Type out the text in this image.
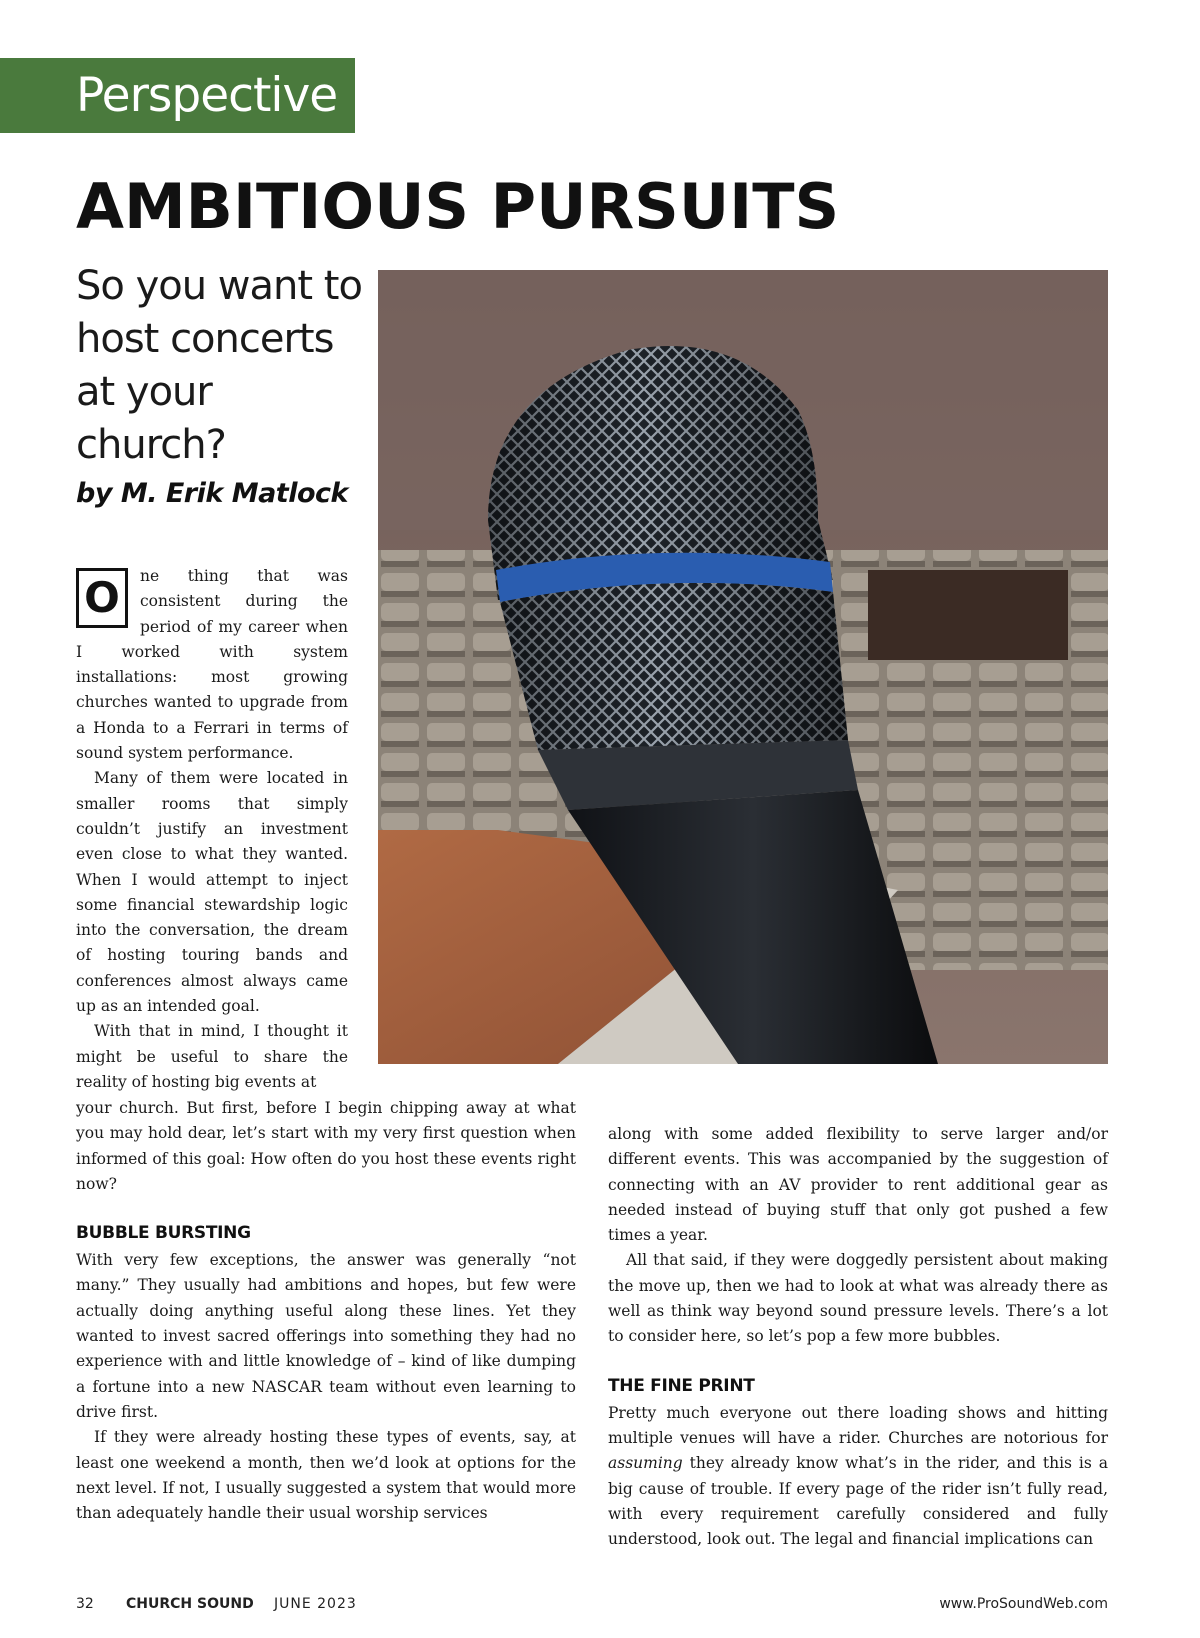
Perspective
AMBITIOUS PURSUITS
So you want to host concerts at your church?
by M. Erik Matlock

O	ne thing that was consistent during the period of my career when I worked with system installations: most growing churches wanted to upgrade from a Honda to a Ferrari in terms of sound system performance.

Many of them were located in smaller rooms that simply couldn’t justify an investment even close to what they wanted. When I would attempt to inject some financial stewardship logic into the conversation, the dream of hosting touring bands and conferences almost always came up as an intended goal.

With that in mind, I thought it might be useful to share the reality of hosting big events at

your church. But first, before I begin chipping away at what you may hold dear, let’s start with my very first question when informed of this goal: How often do you host these events right now?

BUBBLE BURSTING

With very few exceptions, the answer was generally “not many.” They usually had ambitions and hopes, but few were actually doing anything useful along these lines. Yet they wanted to invest sacred offerings into something they had no experience with and little knowledge of – kind of like dumping a fortune into a new NASCAR team without even learning to drive first.

If they were already hosting these types of events, say, at least one weekend a month, then we’d look at options for the next level. If not, I usually suggested a system that would more than adequately handle their usual worship services

along with some added flexibility to serve larger and/or different events. This was accompanied by the suggestion of connecting with an AV provider to rent additional gear as needed instead of buying stuff that only got pushed a few times a year.

All that said, if they were doggedly persistent about making the move up, then we had to look at what was already there as well as think way beyond sound pressure levels. There’s a lot to consider here, so let’s pop a few more bubbles.

THE FINE PRINT

Pretty much everyone out there loading shows and hitting multiple venues will have a rider. Churches are notorious for assuming they already know what’s in the rider, and this is a big cause of trouble. If every page of the rider isn’t fully read, with every requirement carefully considered and fully understood, look out. The legal and financial implications can

32 CHURCH SOUND JUNE 2023	www.ProSoundWeb.com
